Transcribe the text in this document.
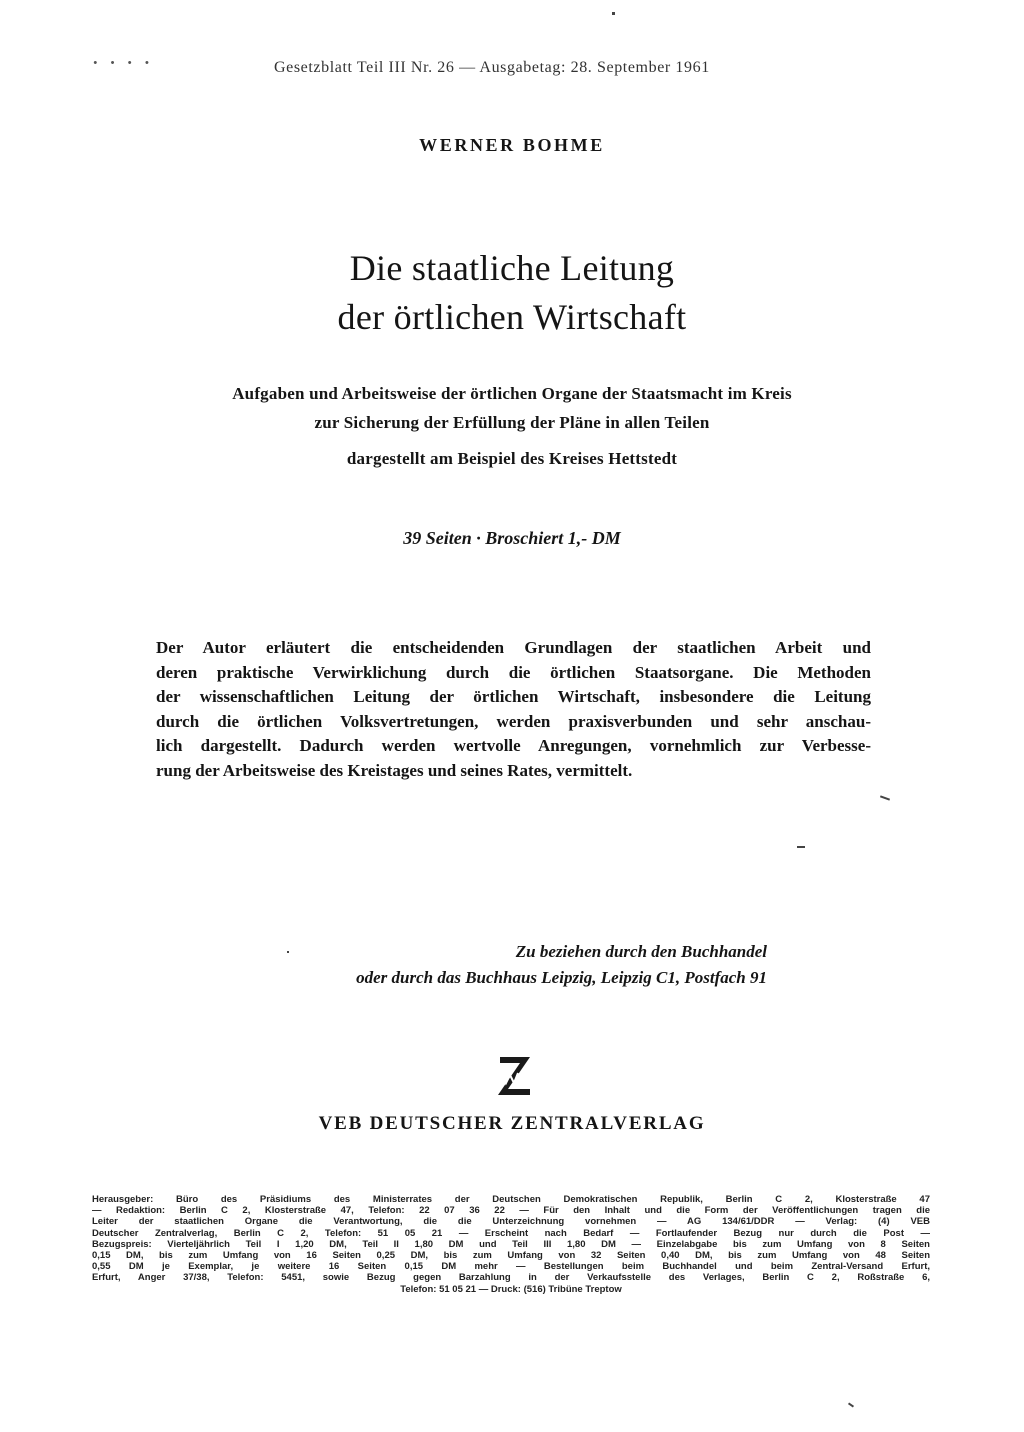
• • • •	Gesetzblatt Teil III Nr. 26 — Ausgabetag: 28. September 1961
WERNER BOHME
Die staatliche Leitung
der örtlichen Wirtschaft
Aufgaben und Arbeitsweise der örtlichen Organe der Staatsmacht im Kreis
zur Sicherung der Erfüllung der Pläne in allen Teilen
dargestellt am Beispiel des Kreises Hettstedt
39 Seiten · Broschiert 1,- DM
Der Autor erläutert die entscheidenden Grundlagen der staatlichen Arbeit und
deren praktische Verwirklichung durch die örtlichen Staatsorgane. Die Methoden
der wissenschaftlichen Leitung der örtlichen Wirtschaft, insbesondere die Leitung
durch die örtlichen Volksvertretungen, werden praxisverbunden und sehr anschau-
lich dargestellt. Dadurch werden wertvolle Anregungen, vornehmlich zur Verbesse-
rung der Arbeitsweise des Kreistages und seines Rates, vermittelt.
Zu beziehen durch den Buchhandel
oder durch das Buchhaus Leipzig, Leipzig C1, Postfach 91
VEB DEUTSCHER ZENTRALVERLAG
Herausgeber: Büro des Präsidiums des Ministerrates der Deutschen Demokratischen Republik, Berlin C 2, Klosterstraße 47
— Redaktion: Berlin C 2, Klosterstraße 47, Telefon: 22 07 36 22 — Für den Inhalt und die Form der Veröffentlichungen tragen die
Leiter der staatlichen Organe die Verantwortung, die die Unterzeichnung vornehmen — AG 134/61/DDR — Verlag: (4) VEB
Deutscher Zentralverlag, Berlin C 2, Telefon: 51 05 21 — Erscheint nach Bedarf — Fortlaufender Bezug nur durch die Post —
Bezugspreis: Vierteljährlich Teil I 1,20 DM, Teil II 1,80 DM und Teil III 1,80 DM — Einzelabgabe bis zum Umfang von 8 Seiten
0,15 DM, bis zum Umfang von 16 Seiten 0,25 DM, bis zum Umfang von 32 Seiten 0,40 DM, bis zum Umfang von 48 Seiten
0,55 DM je Exemplar, je weitere 16 Seiten 0,15 DM mehr — Bestellungen beim Buchhandel und beim Zentral-Versand Erfurt,
Erfurt, Anger 37/38, Telefon: 5451, sowie Bezug gegen Barzahlung in der Verkaufsstelle des Verlages, Berlin C 2, Roßstraße 6,
Telefon: 51 05 21 — Druck: (516) Tribüne Treptow
